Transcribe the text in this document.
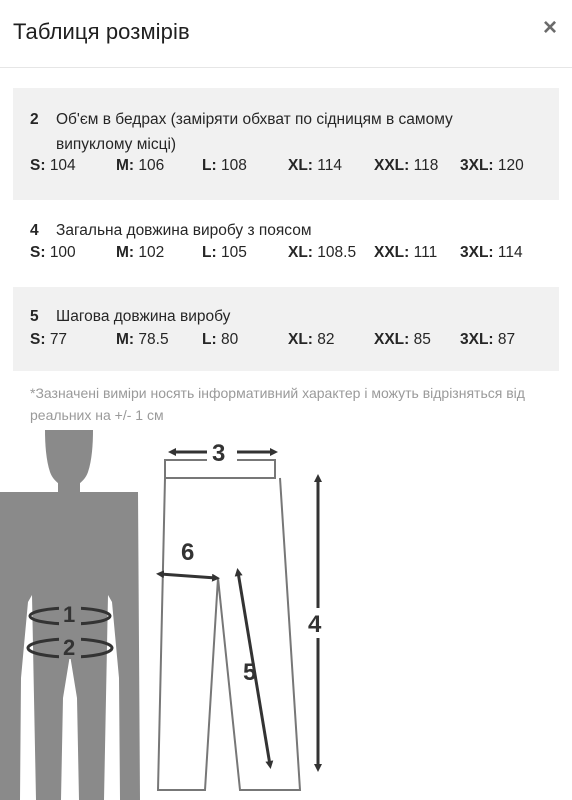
Таблиця розмірів	×
2	Об'єм в бедрах (заміряти обхват по сідницям в самому випуклому місці)
S: 104	M: 106 L: 108	XL: 114 XXL: 118 3XL: 120
4	Загальна довжина виробу з поясом
S: 100	M: 102 L: 105	XL: 108.5 XXL: 111 3XL: 114
5	Шагова довжина виробу
S: 77	M: 78.5 L: 80	XL: 82	XXL: 85 3XL: 87
*Зазначені виміри носять інформативний характер і можуть відрізняться від реальних на +/- 1 см
1
2
3
4
5
6
